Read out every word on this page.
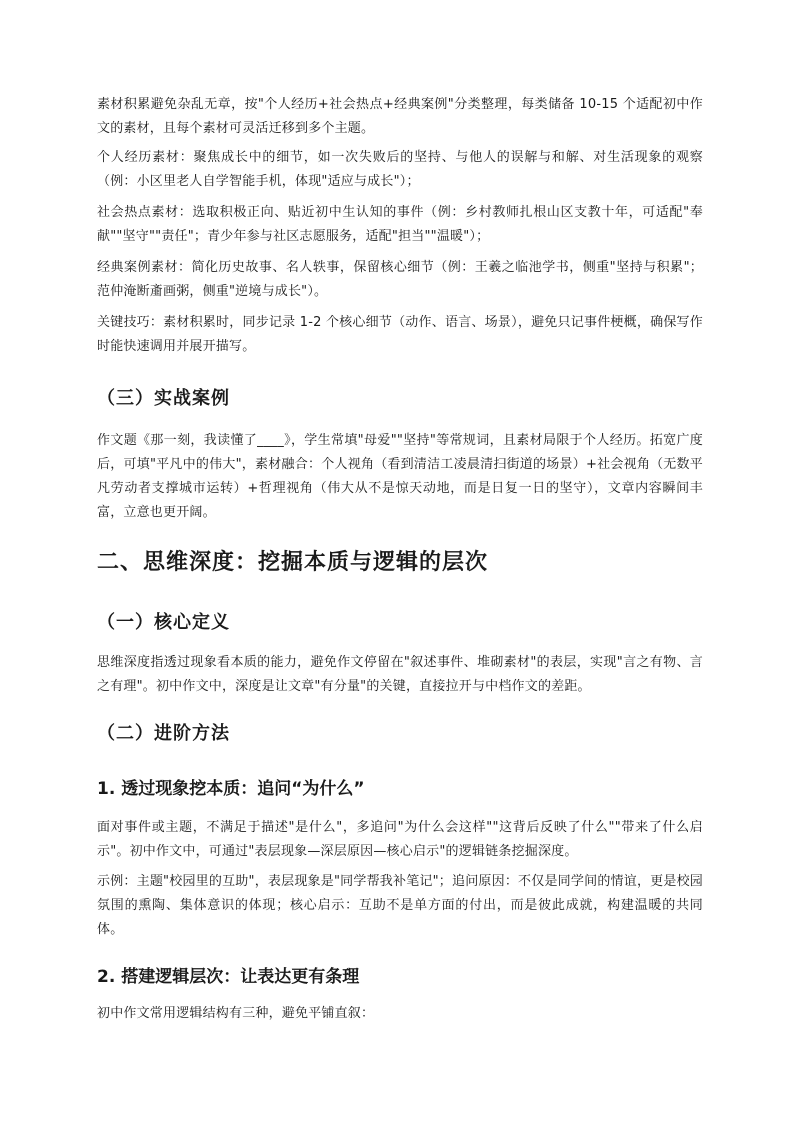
素材积累避免杂乱无章，按"个人经历+社会热点+经典案例"分类整理，每类储备 10-15 个适配初中作文的素材，且每个素材可灵活迁移到多个主题。

个人经历素材：聚焦成长中的细节，如一次失败后的坚持、与他人的误解与和解、对生活现象的观察（例：小区里老人自学智能手机，体现"适应与成长"）；

社会热点素材：选取积极正向、贴近初中生认知的事件（例：乡村教师扎根山区支教十年，可适配"奉献""坚守""责任"；青少年参与社区志愿服务，适配"担当""温暖"）；

经典案例素材：简化历史故事、名人轶事，保留核心细节（例：王羲之临池学书，侧重"坚持与积累"；范仲淹断齑画粥，侧重"逆境与成长"）。

关键技巧：素材积累时，同步记录 1-2 个核心细节（动作、语言、场景），避免只记事件梗概，确保写作时能快速调用并展开描写。

（三）实战案例

作文题《那一刻，我读懂了____》，学生常填"母爱""坚持"等常规词，且素材局限于个人经历。拓宽广度后，可填"平凡中的伟大"，素材融合：个人视角（看到清洁工凌晨清扫街道的场景）+社会视角（无数平凡劳动者支撑城市运转）+哲理视角（伟大从不是惊天动地，而是日复一日的坚守），文章内容瞬间丰富，立意也更开阔。

二、思维深度：挖掘本质与逻辑的层次
（一）核心定义

思维深度指透过现象看本质的能力，避免作文停留在"叙述事件、堆砌素材"的表层，实现"言之有物、言之有理"。初中作文中，深度是让文章"有分量"的关键，直接拉开与中档作文的差距。

（二）进阶方法
1. 透过现象挖本质：追问“为什么”

面对事件或主题，不满足于描述"是什么"，多追问"为什么会这样""这背后反映了什么""带来了什么启示"。初中作文中，可通过"表层现象—深层原因—核心启示"的逻辑链条挖掘深度。

示例：主题"校园里的互助"，表层现象是"同学帮我补笔记"；追问原因：不仅是同学间的情谊，更是校园氛围的熏陶、集体意识的体现；核心启示：互助不是单方面的付出，而是彼此成就，构建温暖的共同体。

2. 搭建逻辑层次：让表达更有条理

初中作文常用逻辑结构有三种，避免平铺直叙：
